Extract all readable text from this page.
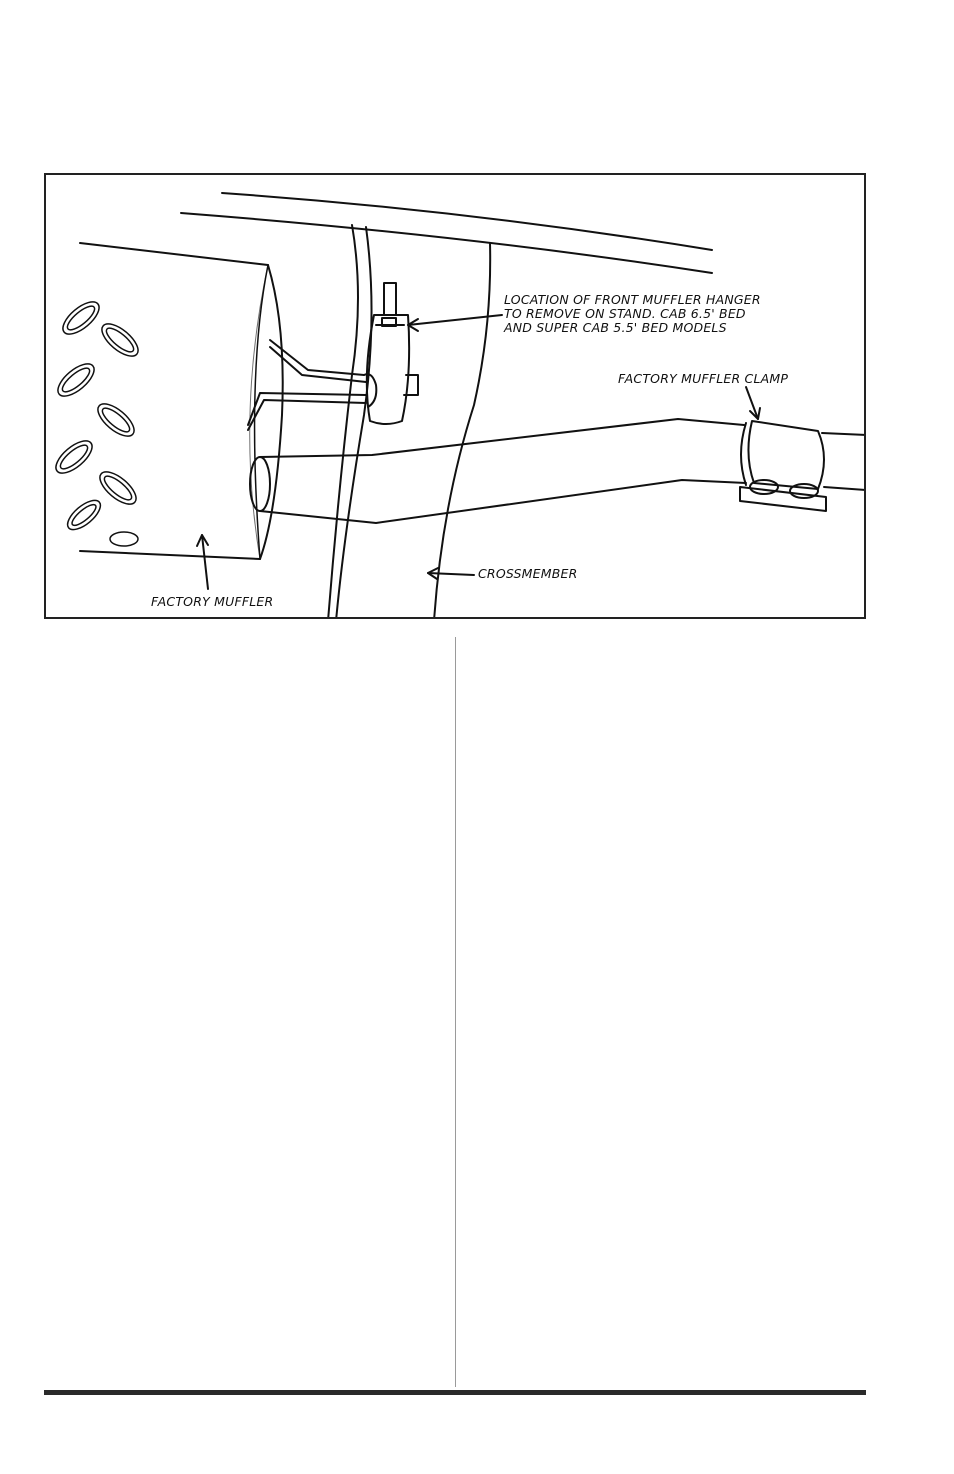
LOCATION OF FRONT MUFFLER HANGER
TO REMOVE ON STAND. CAB 6.5' BED
AND SUPER CAB 5.5' BED MODELS
FACTORY MUFFLER CLAMP
CROSSMEMBER
FACTORY MUFFLER
